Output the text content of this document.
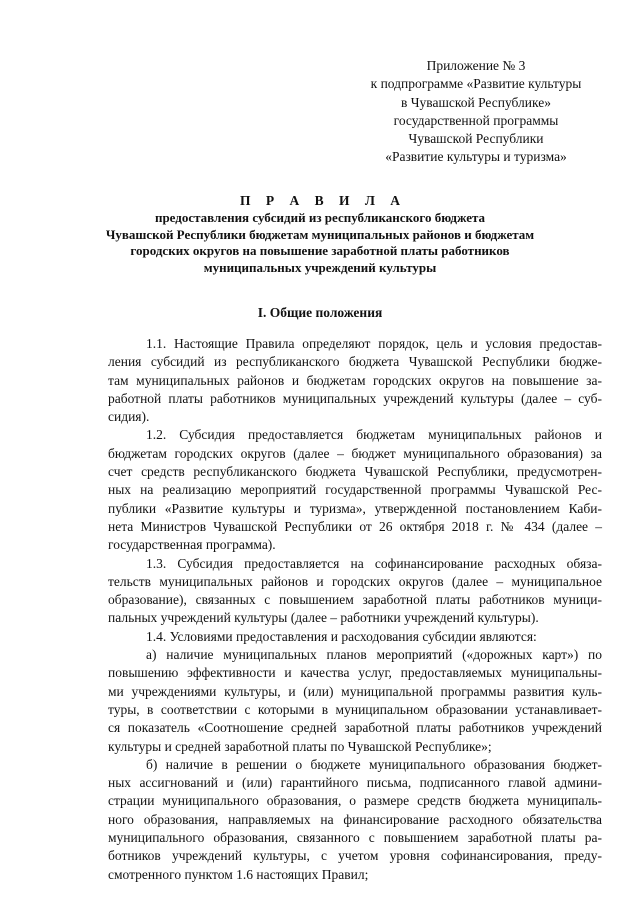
Приложение № 3
к подпрограмме «Развитие культуры
в Чувашской Республике»
государственной программы
Чувашской Республики
«Развитие культуры и туризма»
П Р А В И Л А
предоставления субсидий из республиканского бюджета
Чувашской Республики бюджетам муниципальных районов и бюджетам
городских округов на повышение заработной платы работников
муниципальных учреждений культуры
I. Общие положения
1.1. Настоящие Правила определяют порядок, цель и условия предостав-
ления субсидий из республиканского бюджета Чувашской Республики бюдже-
там муниципальных районов и бюджетам городских округов на повышение за-
работной платы работников муниципальных учреждений культуры (далее – суб-
сидия).
1.2. Субсидия предоставляется бюджетам муниципальных районов и
бюджетам городских округов (далее – бюджет муниципального образования) за
счет средств республиканского бюджета Чувашской Республики, предусмотрен-
ных на реализацию мероприятий государственной программы Чувашской Рес-
публики «Развитие культуры и туризма», утвержденной постановлением Каби-
нета Министров Чувашской Республики от 26 октября 2018 г. № 434 (далее –
государственная программа).
1.3. Субсидия предоставляется на софинансирование расходных обяза-
тельств муниципальных районов и городских округов (далее – муниципальное
образование), связанных с повышением заработной платы работников муници-
пальных учреждений культуры (далее – работники учреждений культуры).
1.4. Условиями предоставления и расходования субсидии являются:
а) наличие муниципальных планов мероприятий («дорожных карт») по
повышению эффективности и качества услуг, предоставляемых муниципальны-
ми учреждениями культуры, и (или) муниципальной программы развития куль-
туры, в соответствии с которыми в муниципальном образовании устанавливает-
ся показатель «Соотношение средней заработной платы работников учреждений
культуры и средней заработной платы по Чувашской Республике»;
б) наличие в решении о бюджете муниципального образования бюджет-
ных ассигнований и (или) гарантийного письма, подписанного главой админи-
страции муниципального образования, о размере средств бюджета муниципаль-
ного образования, направляемых на финансирование расходного обязательства
муниципального образования, связанного с повышением заработной платы ра-
ботников учреждений культуры, с учетом уровня софинансирования, преду-
смотренного пунктом 1.6 настоящих Правил;
